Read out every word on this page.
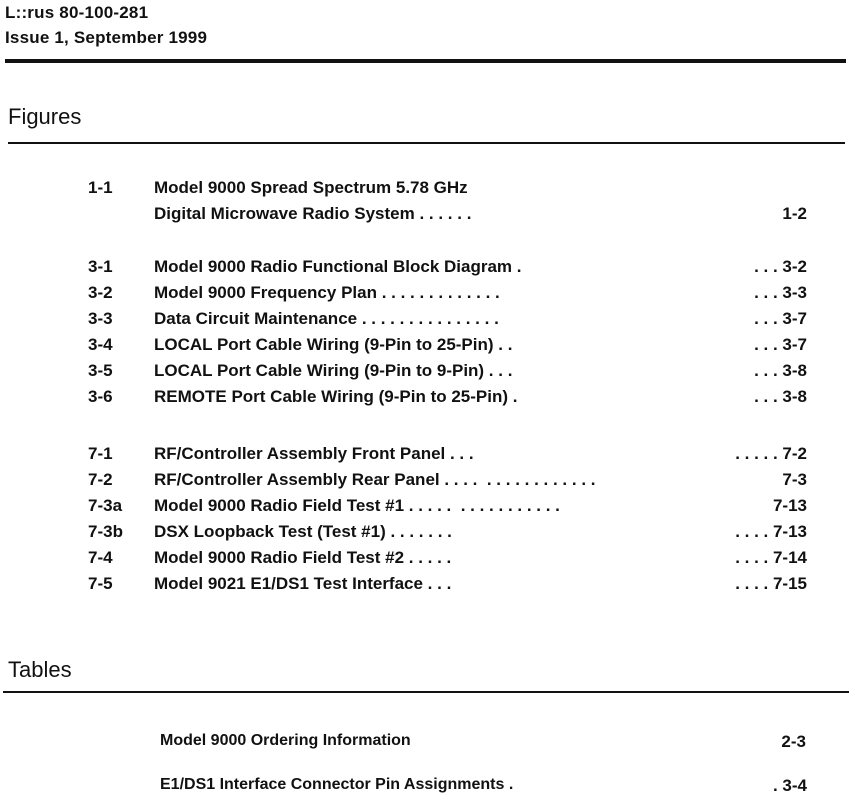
L::rus 80-100-281
Issue 1, September 1999
Figures
1-1 Model 9000 Spread Spectrum 5.78 GHz
Digital Microwave Radio System . . . . . .	1-2
3-1 Model 9000 Radio Functional Block Diagram .	. . . 3-2
3-2 Model 9000 Frequency Plan . . . . . . . . . . . . .	. . . 3-3
3-3 Data Circuit Maintenance . . . . . . . . . . . . . . .	. . . 3-7
3-4 LOCAL Port Cable Wiring (9-Pin to 25-Pin) . .	. . . 3-7
3-5 LOCAL Port Cable Wiring (9-Pin to 9-Pin) . . .	. . . 3-8
3-6 REMOTE Port Cable Wiring (9-Pin to 25-Pin) .	. . . 3-8
7-1 RF/Controller Assembly Front Panel . . .	. . . . . 7-2
7-2 RF/Controller Assembly Rear Panel . . . .  . . . . . . . . . . . .	7-3
7-3a Model 9000 Radio Field Test #1 . . . . .  . . . . . . . . . . .	7-13
7-3b DSX Loopback Test (Test #1) . . . . . . .	. . . . 7-13
7-4 Model 9000 Radio Field Test #2 . . . . .	. . . . 7-14
7-5 Model 9021 E1/DS1 Test Interface . . .	. . . . 7-15
Tables
Model 9000 Ordering Information	2-3
E1/DS1 Interface Connector Pin Assignments .	. 3-4
